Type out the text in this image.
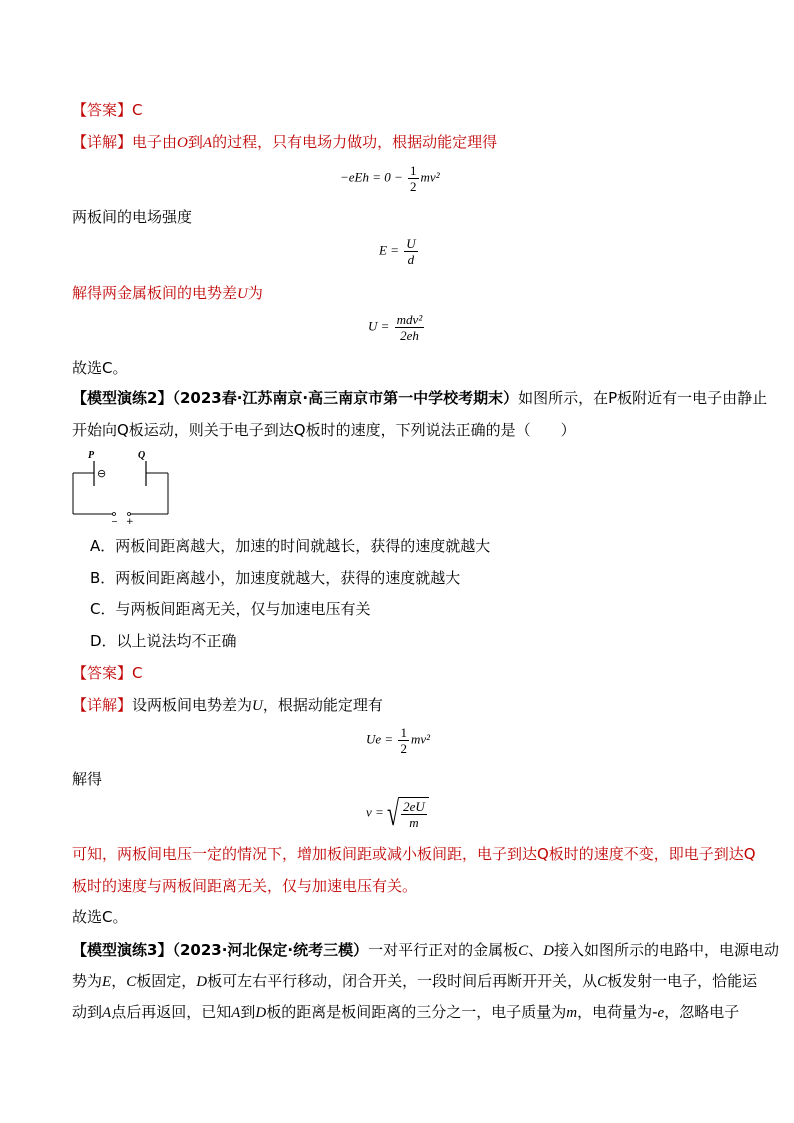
【答案】C
【详解】电子由O到A的过程，只有电场力做功，根据动能定理得
$-eEh = 0 - \frac{1}{2} mv^2$
两板间的电场强度
$E = \frac{U}{d}$
解得两金属板间的电势差U为
$U = \frac{\text{mdv²}}{2eh}$
故选C。
【模型演练2】（2023春·江苏南京·高三南京市第一中学校考期末）如图所示，在P板附近有一电子由静止
开始向Q板运动，则关于电子到达Q板时的速度，下列说法正确的是（　　）
P	Q
⊖
− +
A．两板间距离越大，加速的时间就越长，获得的速度就越大
B．两板间距离越小，加速度就越大，获得的速度就越大
C．与两板间距离无关，仅与加速电压有关
D．以上说法均不正确
【答案】C
【详解】设两板间电势差为U，根据动能定理有
$Ue = \frac{1}{2} mv^2$
解得
v = √ $\frac{2eU}{m}$
可知，两板间电压一定的情况下，增加板间距或减小板间距，电子到达Q板时的速度不变，即电子到达Q
板时的速度与两板间距离无关，仅与加速电压有关。
故选C。
【模型演练3】（2023·河北保定·统考三模）一对平行正对的金属板C、D接入如图所示的电路中，电源电动
势为E，C板固定，D板可左右平行移动，闭合开关，一段时间后再断开开关，从C板发射一电子，恰能运
动到A点后再返回，已知A到D板的距离是板间距离的三分之一，电子质量为m，电荷量为-e，忽略电子
